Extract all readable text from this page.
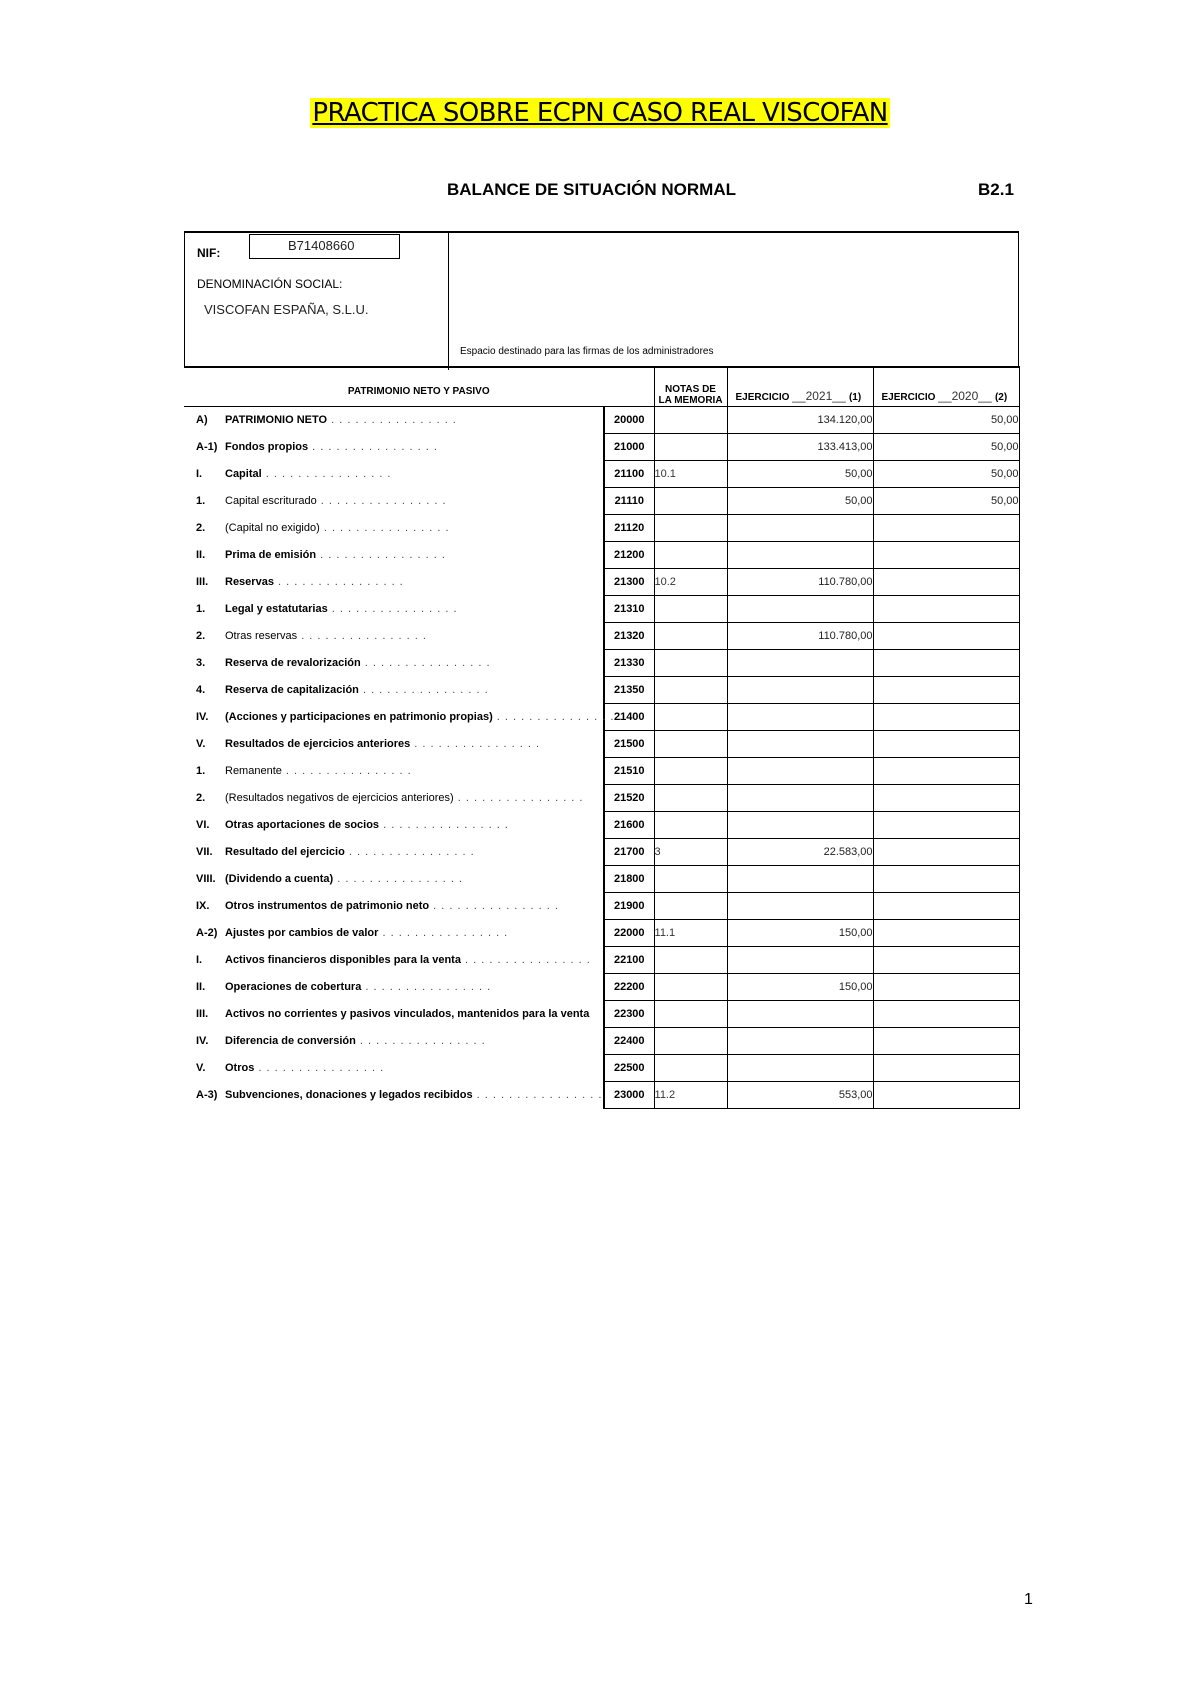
PRACTICA SOBRE ECPN CASO REAL VISCOFAN
BALANCE DE SITUACIÓN NORMAL	B2.1
NIF:	B71408660
DENOMINACIÓN SOCIAL:
VISCOFAN ESPAÑA, S.L.U.
Espacio destinado para las firmas de los administradores
PATRIMONIO NETO Y PASIVO		NOTAS DE
LA MEMORIA	EJERCICIO __2021__ (1)	EJERCICIO __2020__ (2)
A) PATRIMONIO NETO . . . . . . . . . . . . . . . .	20000		134.120,00	50,00
A-1) Fondos propios . . . . . . . . . . . . . . . .	21000		133.413,00	50,00
I. Capital . . . . . . . . . . . . . . . .	21100	10.1	50,00	50,00
1. Capital escriturado . . . . . . . . . . . . . . . .	21110		50,00	50,00
2. (Capital no exigido) . . . . . . . . . . . . . . . .	21120			
II. Prima de emisión . . . . . . . . . . . . . . . .	21200			
III. Reservas . . . . . . . . . . . . . . . .	21300	10.2	110.780,00	
1. Legal y estatutarias . . . . . . . . . . . . . . . .	21310			
2. Otras reservas . . . . . . . . . . . . . . . .	21320		110.780,00	
3. Reserva de revalorización . . . . . . . . . . . . . . . .	21330			
4. Reserva de capitalización . . . . . . . . . . . . . . . .	21350			
IV. (Acciones y participaciones en patrimonio propias) . . . . . . . . . . . . . . . .	21400			
V. Resultados de ejercicios anteriores . . . . . . . . . . . . . . . .	21500			
1. Remanente . . . . . . . . . . . . . . . .	21510			
2. (Resultados negativos de ejercicios anteriores) . . . . . . . . . . . . . . . .	21520			
VI. Otras aportaciones de socios . . . . . . . . . . . . . . . .	21600			
VII. Resultado del ejercicio . . . . . . . . . . . . . . . .	21700	3	22.583,00	
VIII. (Dividendo a cuenta) . . . . . . . . . . . . . . . .	21800			
IX. Otros instrumentos de patrimonio neto . . . . . . . . . . . . . . . .	21900			
A-2) Ajustes por cambios de valor . . . . . . . . . . . . . . . .	22000	11.1	150,00	
I. Activos financieros disponibles para la venta . . . . . . . . . . . . . . . .	22100			
II. Operaciones de cobertura . . . . . . . . . . . . . . . .	22200		150,00	
III. Activos no corrientes y pasivos vinculados, mantenidos para la venta	22300			
IV. Diferencia de conversión . . . . . . . . . . . . . . . .	22400			
V. Otros . . . . . . . . . . . . . . . .	22500			
A-3) Subvenciones, donaciones y legados recibidos . . . . . . . . . . . . . . . .	23000	11.2	553,00	
1
